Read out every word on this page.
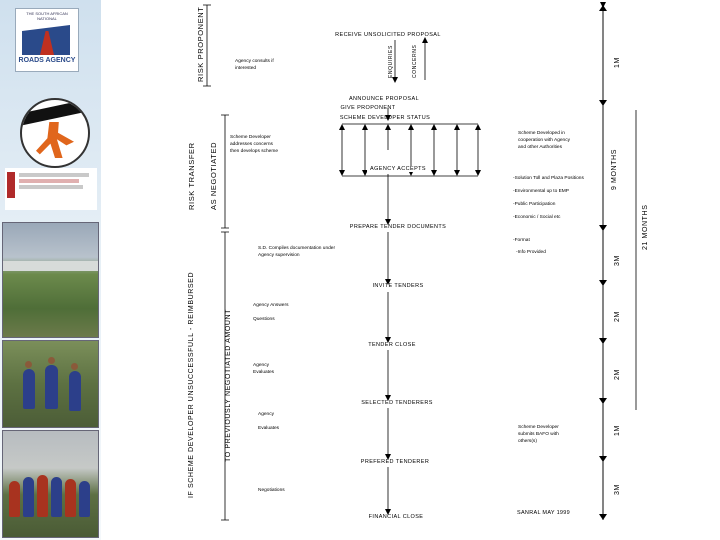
THE SOUTH AFRICAN NATIONAL
ROADS AGENCY	RISK PROPONENT
RISK TRANSFER AS NEGOTIATED
IF SCHEME DEVELOPER UNSUCCESSFULL - REIMBURSED	TO PREVIOUSLY NEGOTIATED AMOUNT
RECEIVE UNSOLICITED PROPOSAL
ENQUIRIES	CONCERNS
ANNOUNCE PROPOSAL
GIVE PROPONENT
SCHEME DEVELOPER STATUS
AGENCY ACCEPTS
PREPARE TENDER DOCUMENTS
INVITE TENDERS
TENDER CLOSE
SELECTED TENDERERS
PREFERED TENDERER
FINANCIAL CLOSE
Agency consults if
interested
Scheme Developer
addresses concerns
then develops scheme
Scheme Developed in
cooperation with Agency
and other Authorities
-Solution Toll and Plaza Positions
-Environmental up to EMP
-Public Participation
-Economic / Social etc
-Format
-Info Provided
S.D. Compiles documentation under
Agency supervision
Agency Answers
Questions
Agency
Evaluates
Agency
Evaluates	Scheme Developer
submits BAFO with
others(s)
Negotiations
SANRAL MAY 1999
1M
9 MONTHS
3M
2M
2M
1M
3M
21 MONTHS
